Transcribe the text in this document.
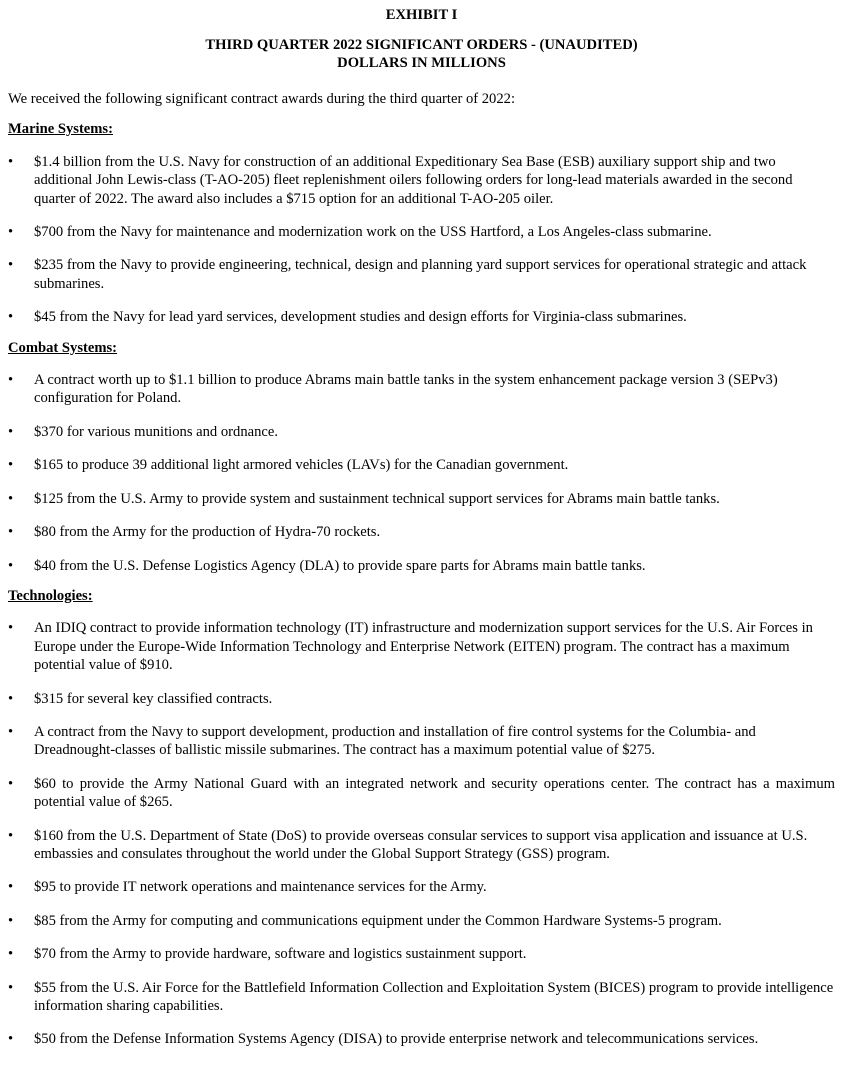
EXHIBIT I
THIRD QUARTER 2022 SIGNIFICANT ORDERS - (UNAUDITED)
DOLLARS IN MILLIONS
We received the following significant contract awards during the third quarter of 2022:
Marine Systems:
•	$1.4 billion from the U.S. Navy for construction of an additional Expeditionary Sea Base (ESB) auxiliary support ship and two additional John Lewis-class (T-AO-205) fleet replenishment oilers following orders for long-lead materials awarded in the second quarter of 2022. The award also includes a $715 option for an additional T-AO-205 oiler.
•	$700 from the Navy for maintenance and modernization work on the USS Hartford, a Los Angeles-class submarine.
•	$235 from the Navy to provide engineering, technical, design and planning yard support services for operational strategic and attack submarines.
•	$45 from the Navy for lead yard services, development studies and design efforts for Virginia-class submarines.
Combat Systems:
•	A contract worth up to $1.1 billion to produce Abrams main battle tanks in the system enhancement package version 3 (SEPv3) configuration for Poland.
•	$370 for various munitions and ordnance.
•	$165 to produce 39 additional light armored vehicles (LAVs) for the Canadian government.
•	$125 from the U.S. Army to provide system and sustainment technical support services for Abrams main battle tanks.
•	$80 from the Army for the production of Hydra-70 rockets.
•	$40 from the U.S. Defense Logistics Agency (DLA) to provide spare parts for Abrams main battle tanks.
Technologies:
•	An IDIQ contract to provide information technology (IT) infrastructure and modernization support services for the U.S. Air Forces in Europe under the Europe-Wide Information Technology and Enterprise Network (EITEN) program. The contract has a maximum potential value of $910.
•	$315 for several key classified contracts.
•	A contract from the Navy to support development, production and installation of fire control systems for the Columbia- and Dreadnought-classes of ballistic missile submarines. The contract has a maximum potential value of $275.
•	$60 to provide the Army National Guard with an integrated network and security operations center. The contract has a maximum potential value of $265.
•	$160 from the U.S. Department of State (DoS) to provide overseas consular services to support visa application and issuance at U.S. embassies and consulates throughout the world under the Global Support Strategy (GSS) program.
•	$95 to provide IT network operations and maintenance services for the Army.
•	$85 from the Army for computing and communications equipment under the Common Hardware Systems-5 program.
•	$70 from the Army to provide hardware, software and logistics sustainment support.
•	$55 from the U.S. Air Force for the Battlefield Information Collection and Exploitation System (BICES) program to provide intelligence information sharing capabilities.
•	$50 from the Defense Information Systems Agency (DISA) to provide enterprise network and telecommunications services.
